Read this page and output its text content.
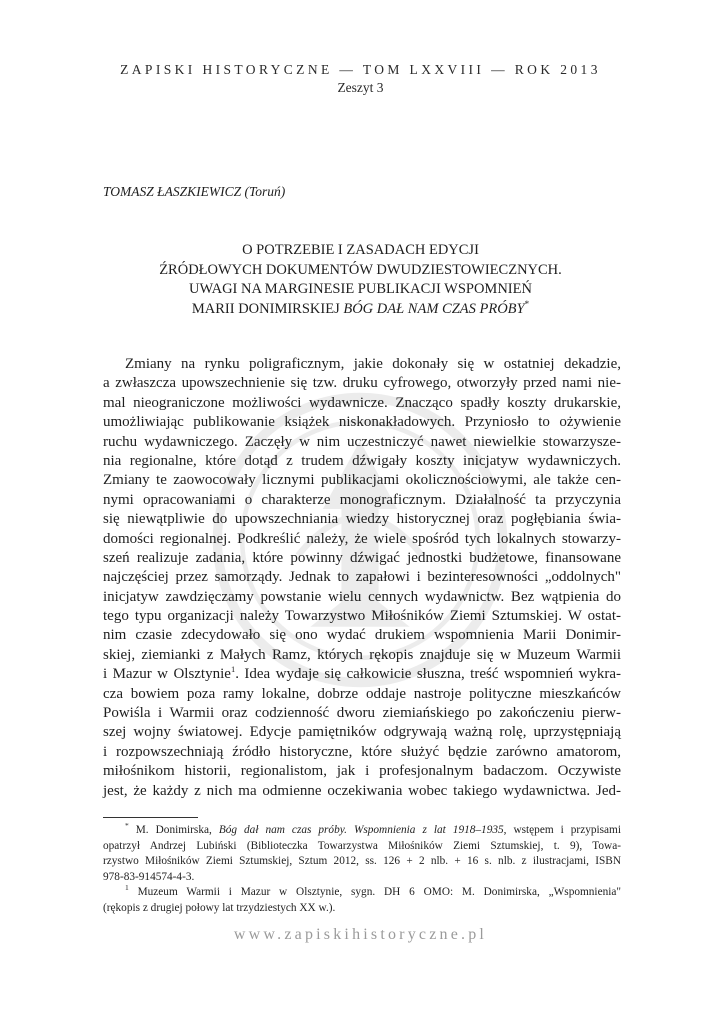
ZAPISKI HISTORYCZNE — TOM LXXVIII — ROK 2013
Zeszyt 3
TOMASZ ŁASZKIEWICZ (Toruń)
O POTRZEBIE I ZASADACH EDYCJI
ŹRÓDŁOWYCH DOKUMENTÓW DWUDZIESTOWIECZNYCH.
UWAGI NA MARGINESIE PUBLIKACJI WSPOMNIEŃ
MARII DONIMIRSKIEJ BÓG DAŁ NAM CZAS PRÓBY*
Zmiany na rynku poligraficznym, jakie dokonały się w ostatniej dekadzie,
a zwłaszcza upowszechnienie się tzw. druku cyfrowego, otworzyły przed nami nie-
mal nieograniczone możliwości wydawnicze. Znacząco spadły koszty drukarskie,
umożliwiając publikowanie książek niskonakładowych. Przyniosło to ożywienie
ruchu wydawniczego. Zaczęły w nim uczestniczyć nawet niewielkie stowarzysze-
nia regionalne, które dotąd z trudem dźwigały koszty inicjatyw wydawniczych.
Zmiany te zaowocowały licznymi publikacjami okolicznościowymi, ale także cen-
nymi opracowaniami o charakterze monograficznym. Działalność ta przyczynia
się niewątpliwie do upowszechniania wiedzy historycznej oraz pogłębiania świa-
domości regionalnej. Podkreślić należy, że wiele spośród tych lokalnych stowarzy-
szeń realizuje zadania, które powinny dźwigać jednostki budżetowe, finansowane
najczęściej przez samorządy. Jednak to zapałowi i bezinteresowności „oddolnych"
inicjatyw zawdzięczamy powstanie wielu cennych wydawnictw. Bez wątpienia do
tego typu organizacji należy Towarzystwo Miłośników Ziemi Sztumskiej. W ostat-
nim czasie zdecydowało się ono wydać drukiem wspomnienia Marii Donimir-
skiej, ziemianki z Małych Ramz, których rękopis znajduje się w Muzeum Warmii
i Mazur w Olsztynie$^1$. Idea wydaje się całkowicie słuszna, treść wspomnień wykra-
cza bowiem poza ramy lokalne, dobrze oddaje nastroje polityczne mieszkańców
Powiśla i Warmii oraz codzienność dworu ziemiańskiego po zakończeniu pierw-
szej wojny światowej. Edycje pamiętników odgrywają ważną rolę, uprzystępniają
i rozpowszechniają źródło historyczne, które służyć będzie zarówno amatorom,
miłośnikom historii, regionalistom, jak i profesjonalnym badaczom. Oczywiste
jest, że każdy z nich ma odmienne oczekiwania wobec takiego wydawnictwa. Jed-
* M. Donimirska, Bóg dał nam czas próby. Wspomnienia z lat 1918–1935, wstępem i przypisami
opatrzył Andrzej Lubiński (Biblioteczka Towarzystwa Miłośników Ziemi Sztumskiej, t. 9), Towa-
rzystwo Miłośników Ziemi Sztumskiej, Sztum 2012, ss. 126 + 2 nlb. + 16 s. nlb. z ilustracjami, ISBN
978-83-914574-4-3.
$^1$ Muzeum Warmii i Mazur w Olsztynie, sygn. DH 6 OMO: M. Donimirska, „Wspomnienia"
(rękopis z drugiej połowy lat trzydziestych XX w.).
www.zapiskihistoryczne.pl
